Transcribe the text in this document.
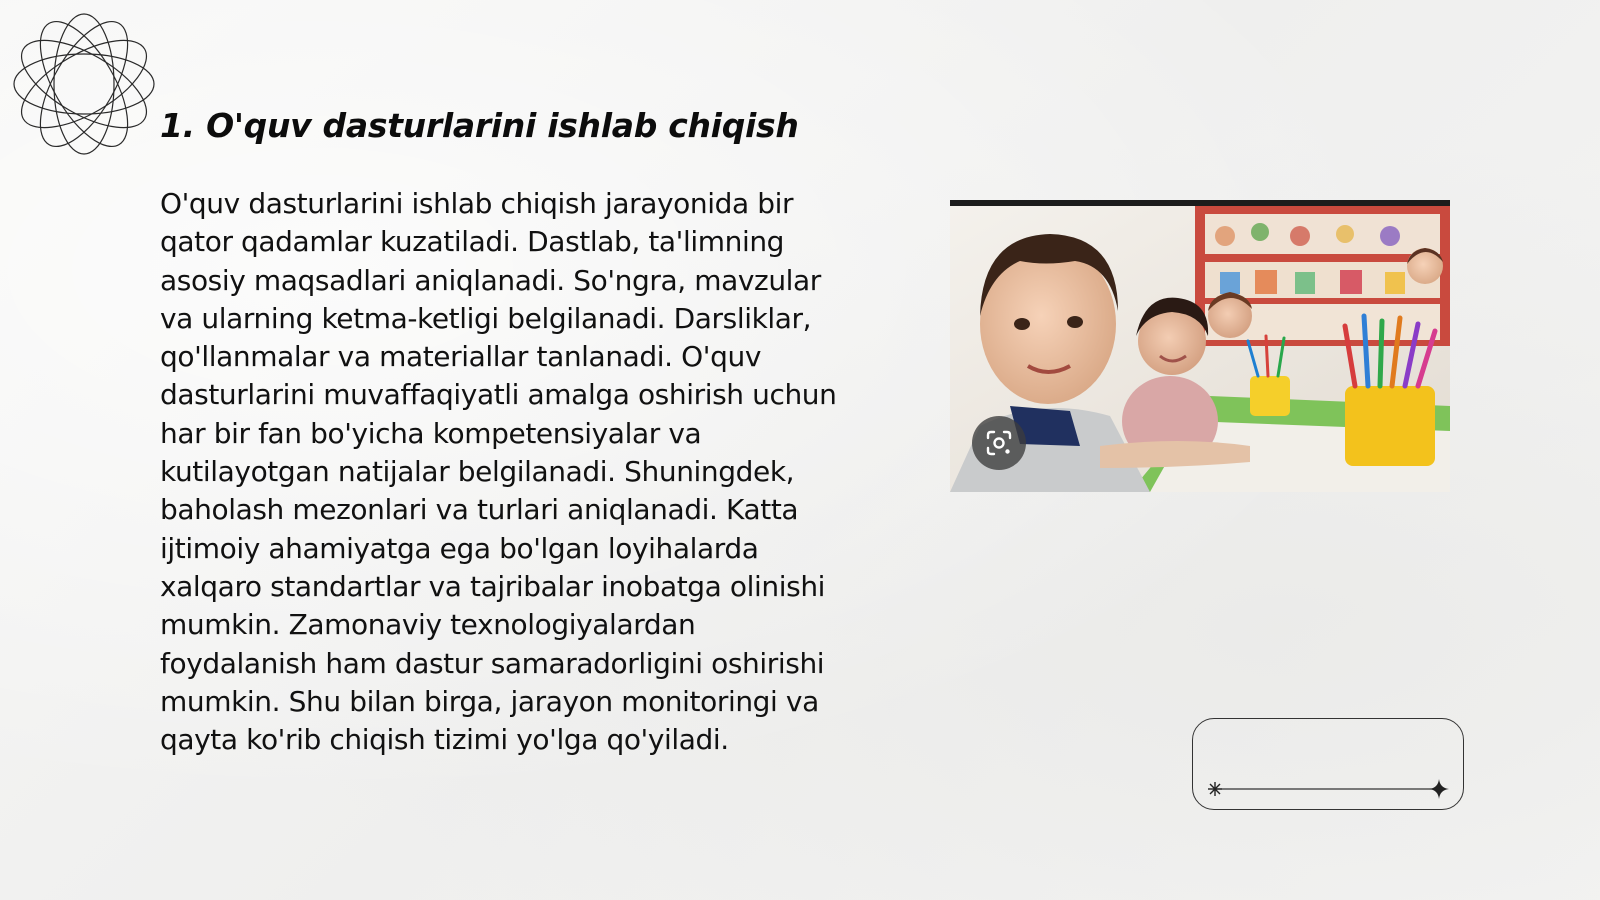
1. O'quv dasturlarini ishlab chiqish

O'quv dasturlarini ishlab chiqish jarayonida bir qator qadamlar kuzatiladi. Dastlab, ta'limning asosiy maqsadlari aniqlanadi. So'ngra, mavzular va ularning ketma-ketligi belgilanadi. Darsliklar, qo'llanmalar va materiallar tanlanadi. O'quv dasturlarini muvaffaqiyatli amalga oshirish uchun har bir fan bo'yicha kompetensiyalar va kutilayotgan natijalar belgilanadi. Shuningdek, baholash mezonlari va turlari aniqlanadi. Katta ijtimoiy ahamiyatga ega bo'lgan loyihalarda xalqaro standartlar va tajribalar inobatga olinishi mumkin. Zamonaviy texnologiyalardan foydalanish ham dastur samaradorligini oshirishi mumkin. Shu bilan birga, jarayon monitoringi va qayta ko'rib chiqish tizimi yo'lga qo'yiladi.
